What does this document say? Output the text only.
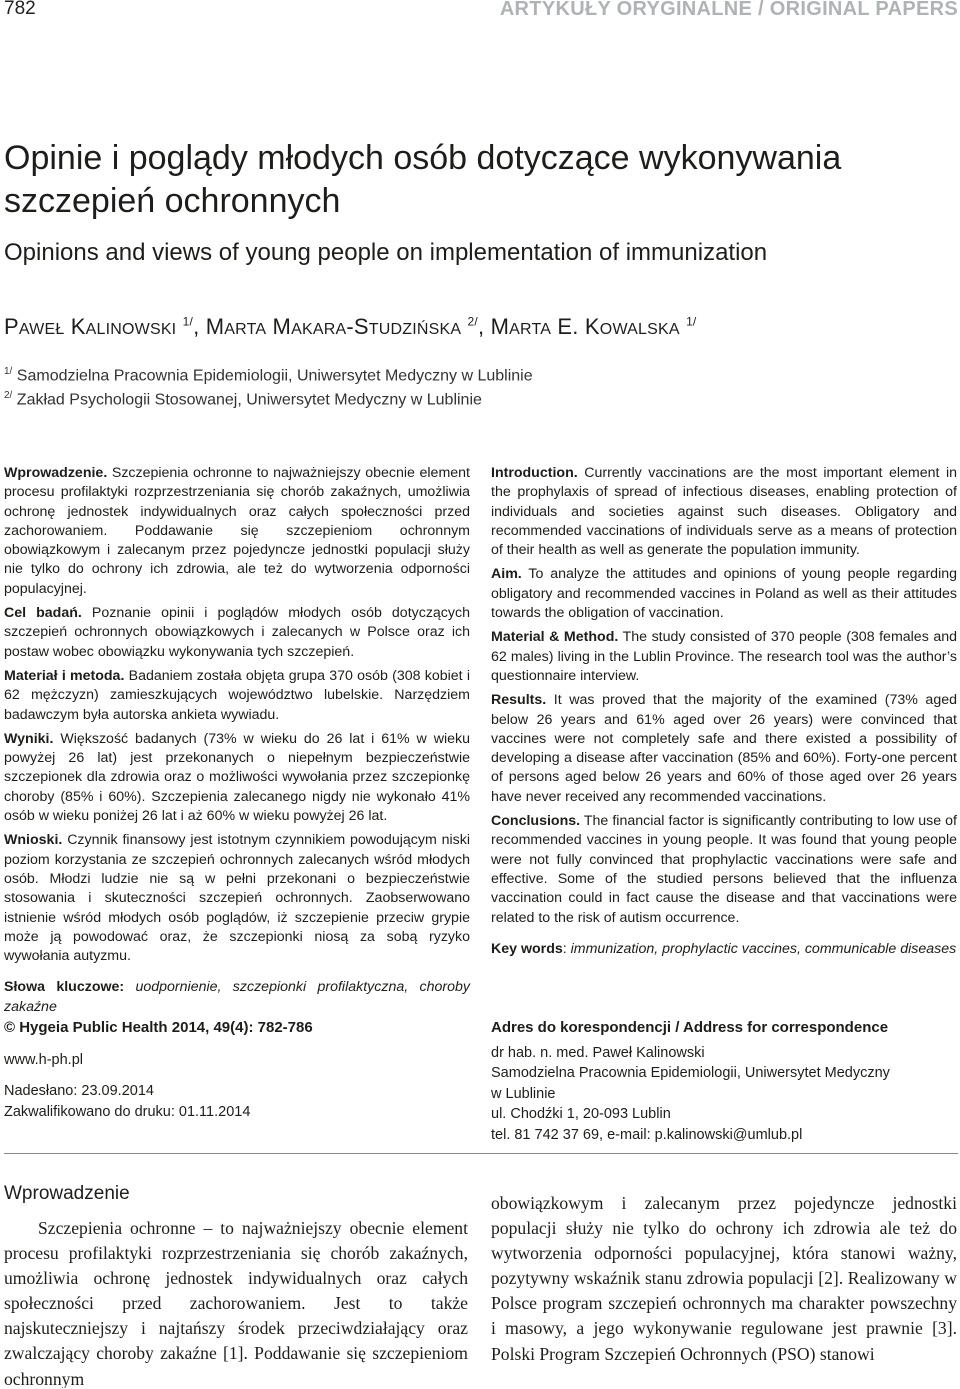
782	ARTYKUŁY ORYGINALNE / ORIGINAL PAPERS
Opinie i poglądy młodych osób dotyczące wykonywania
szczepień ochronnych
Opinions and views of young people on implementation of immunization
PAWEŁ KALINOWSKI $^{1/}$, MARTA MAKARA-STUDZIŃSKA $^{2/}$, MARTA E. KOWALSKA $^{1/}$
$^{1/}$ Samodzielna Pracownia Epidemiologii, Uniwersytet Medyczny w Lublinie
$^{2/}$ Zakład Psychologii Stosowanej, Uniwersytet Medyczny w Lublinie

Wprowadzenie. Szczepienia ochronne to najważniejszy obecnie element procesu profilaktyki rozprzestrzeniania się chorób zakaźnych, umożliwia ochronę jednostek indywidualnych oraz całych społeczności przed zachorowaniem. Poddawanie się szczepieniom ochronnym obowiązkowym i zalecanym przez pojedyncze jednostki populacji służy nie tylko do ochrony ich zdrowia, ale też do wytworzenia odporności populacyjnej.

Cel badań. Poznanie opinii i poglądów młodych osób dotyczących szczepień ochronnych obowiązkowych i zalecanych w Polsce oraz ich postaw wobec obowiązku wykonywania tych szczepień.

Materiał i metoda. Badaniem została objęta grupa 370 osób (308 kobiet i 62 mężczyzn) zamieszkujących województwo lubelskie. Narzędziem badawczym była autorska ankieta wywiadu.

Wyniki. Większość badanych (73% w wieku do 26 lat i 61% w wieku powyżej 26 lat) jest przekonanych o niepełnym bezpieczeństwie szczepionek dla zdrowia oraz o możliwości wywołania przez szczepionkę choroby (85% i 60%). Szczepienia zalecanego nigdy nie wykonało 41% osób w wieku poniżej 26 lat i aż 60% w wieku powyżej 26 lat.

Wnioski. Czynnik finansowy jest istotnym czynnikiem powodującym niski poziom korzystania ze szczepień ochronnych zalecanych wśród młodych osób. Młodzi ludzie nie są w pełni przekonani o bezpieczeństwie stosowania i skuteczności szczepień ochronnych. Zaobserwowano istnienie wśród młodych osób poglądów, iż szczepienie przeciw grypie może ją powodować oraz, że szczepionki niosą za sobą ryzyko wywołania autyzmu.

Słowa kluczowe: uodpornienie, szczepionki profilaktyczna, choroby zakaźne

Introduction. Currently vaccinations are the most important element in the prophylaxis of spread of infectious diseases, enabling protection of individuals and societies against such diseases. Obligatory and recommended vaccinations of individuals serve as a means of protection of their health as well as generate the population immunity.

Aim. To analyze the attitudes and opinions of young people regarding obligatory and recommended vaccines in Poland as well as their attitudes towards the obligation of vaccination.

Material & Method. The study consisted of 370 people (308 females and 62 males) living in the Lublin Province. The research tool was the author’s questionnaire interview.

Results. It was proved that the majority of the examined (73% aged below 26 years and 61% aged over 26 years) were convinced that vaccines were not completely safe and there existed a possibility of developing a disease after vaccination (85% and 60%). Forty-one percent of persons aged below 26 years and 60% of those aged over 26 years have never received any recommended vaccinations.

Conclusions. The financial factor is significantly contributing to low use of recommended vaccines in young people. It was found that young people were not fully convinced that prophylactic vaccinations were safe and effective. Some of the studied persons believed that the influenza vaccination could in fact cause the disease and that vaccinations were related to the risk of autism occurrence.

Key words: immunization, prophylactic vaccines, communicable diseases

© Hygeia Public Health 2014, 49(4): 782-786
www.h-ph.pl
Nadesłano: 23.09.2014
Zakwalifikowano do druku: 01.11.2014
Adres do korespondencji / Address for correspondence
dr hab. n. med. Paweł Kalinowski
Samodzielna Pracownia Epidemiologii, Uniwersytet Medyczny
w Lublinie
ul. Chodźki 1, 20-093 Lublin
tel. 81 742 37 69, e-mail: p.kalinowski@umlub.pl
Wprowadzenie

Szczepienia ochronne – to najważniejszy obecnie element procesu profilaktyki rozprzestrzeniania się chorób zakaźnych, umożliwia ochronę jednostek indywidualnych oraz całych społeczności przed zachorowaniem. Jest to także najskuteczniejszy i najtańszy środek przeciwdziałający oraz zwalczający choroby zakaźne [1]. Poddawanie się szczepieniom ochronnym

obowiązkowym i zalecanym przez pojedyncze jednostki populacji służy nie tylko do ochrony ich zdrowia ale też do wytworzenia odporności populacyjnej, która stanowi ważny, pozytywny wskaźnik stanu zdrowia populacji [2]. Realizowany w Polsce program szczepień ochronnych ma charakter powszechny i masowy, a jego wykonywanie regulowane jest prawnie [3]. Polski Program Szczepień Ochronnych (PSO) stanowi
